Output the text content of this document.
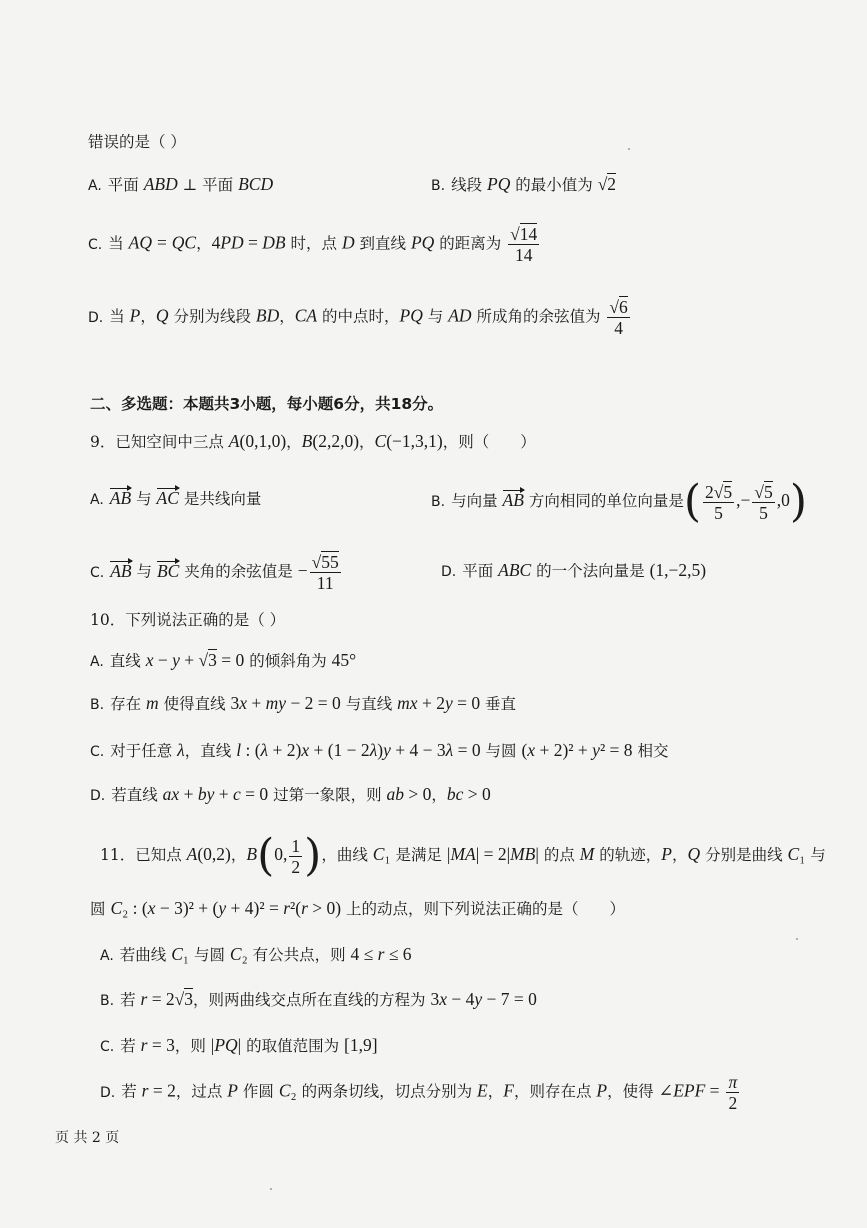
错误的是（ ）
A. 平面 ABD ⊥ 平面 BCD	B. 线段 PQ 的最小值为 √2
C. 当 AQ = QC，4PD = DB 时，点 D 到直线 PQ 的距离为 $\frac{√14}{14}$
D. 当 P，Q 分别为线段 BD，CA 的中点时，PQ 与 AD 所成角的余弦值为 $\frac{√6}{4}$
二、多选题：本题共3小题，每小题6分，共18分。
9．已知空间中三点 A(0,1,0)，B(2,2,0)，C(−1,3,1)，则（　　）
A. AB 与 AC 是共线向量	B. 与向量 AB 方向相同的单位向量是( $\frac{2√5}{5}$ ,− $\frac{√5}{5} ,0$)
C. AB 与 BC 夹角的余弦值是 − $\frac{√55}{11}$	D. 平面 ABC 的一个法向量是 (1,−2,5)
10．下列说法正确的是（ ）
A. 直线 x − y + √3 = 0 的倾斜角为 45°
B. 存在 m 使得直线 3x + my − 2 = 0 与直线 mx + 2y = 0 垂直
C. 对于任意 λ，直线 l : (λ + 2)x + (1 − 2λ)y + 4 − 3λ = 0 与圆 (x + 2)² + y² = 8 相交
D. 若直线 ax + by + c = 0 过第一象限，则 ab > 0，bc > 0
11．已知点 A(0,2)，B(0, $\frac{1}{2}$ )，曲线 C₁ 是满足 |MA| = 2|MB| 的点 M 的轨迹，P，Q 分别是曲线 C₁ 与
圆 C₂ : (x − 3)² + (y + 4)² = r²(r > 0) 上的动点，则下列说法正确的是（　　）
A. 若曲线 C₁ 与圆 C₂ 有公共点，则 4 ≤ r ≤ 6
B. 若 r = 2√3，则两曲线交点所在直线的方程为 3x − 4y − 7 = 0
C. 若 r = 3，则 |PQ| 的取值范围为 [1,9]
D. 若 r = 2，过点 P 作圆 C₂ 的两条切线，切点分别为 E，F，则存在点 P，使得 ∠EPF = $\frac{\pi}{2}$
页 共 2 页
